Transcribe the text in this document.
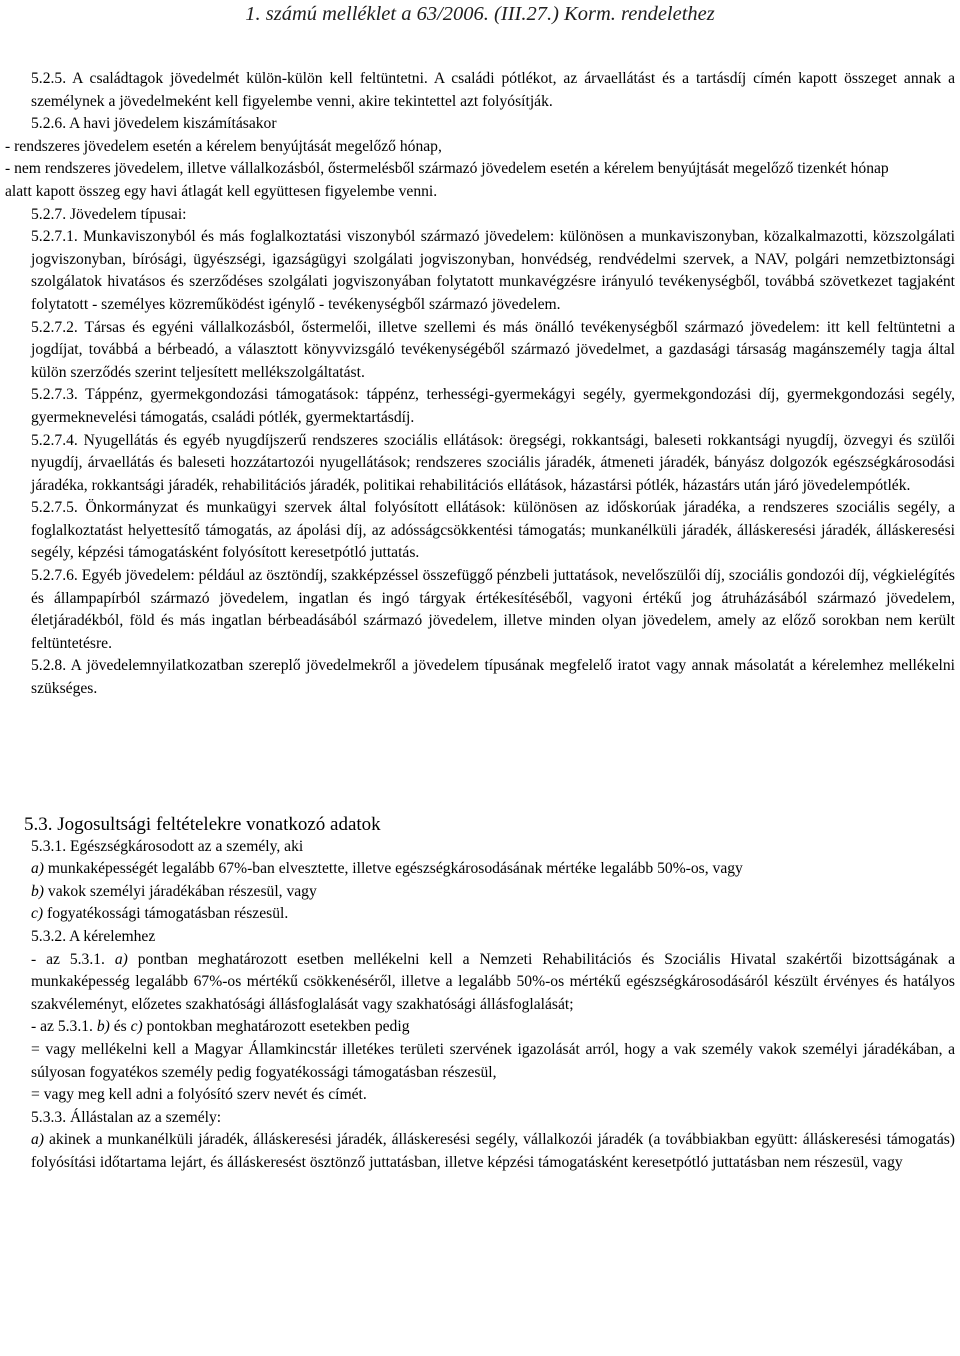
1. számú melléklet a 63/2006. (III.27.) Korm. rendelethez

5.2.5. A családtagok jövedelmét külön-külön kell feltüntetni. A családi pótlékot, az árvaellátást és a tartásdíj címén kapott összeget annak a személynek a jövedelmeként kell figyelembe venni, akire tekintettel azt folyósítják.

5.2.6. A havi jövedelem kiszámításakor

- rendszeres jövedelem esetén a kérelem benyújtását megelőző hónap,

- nem rendszeres jövedelem, illetve vállalkozásból, őstermelésből származó jövedelem esetén a kérelem benyújtását megelőző tizenkét hónap

alatt kapott összeg egy havi átlagát kell együttesen figyelembe venni.

5.2.7. Jövedelem típusai:

5.2.7.1. Munkaviszonyból és más foglalkoztatási viszonyból származó jövedelem: különösen a munkaviszonyban, közalkalmazotti, közszolgálati jogviszonyban, bírósági, ügyészségi, igazságügyi szolgálati jogviszonyban, honvédség, rendvédelmi szervek, a NAV, polgári nemzetbiztonsági szolgálatok hivatásos és szerződéses szolgálati jogviszonyában folytatott munkavégzésre irányuló tevékenységből, továbbá szövetkezet tagjaként folytatott - személyes közreműködést igénylő - tevékenységből származó jövedelem.

5.2.7.2. Társas és egyéni vállalkozásból, őstermelői, illetve szellemi és más önálló tevékenységből származó jövedelem: itt kell feltüntetni a jogdíjat, továbbá a bérbeadó, a választott könyvvizsgáló tevékenységéből származó jövedelmet, a gazdasági társaság magánszemély tagja által külön szerződés szerint teljesített mellékszolgáltatást.

5.2.7.3. Táppénz, gyermekgondozási támogatások: táppénz, terhességi-gyermekágyi segély, gyermekgondozási díj, gyermekgondozási segély, gyermeknevelési támogatás, családi pótlék, gyermektartásdíj.

5.2.7.4. Nyugellátás és egyéb nyugdíjszerű rendszeres szociális ellátások: öregségi, rokkantsági, baleseti rokkantsági nyugdíj, özvegyi és szülői nyugdíj, árvaellátás és baleseti hozzátartozói nyugellátások; rendszeres szociális járadék, átmeneti járadék, bányász dolgozók egészségkárosodási járadéka, rokkantsági járadék, rehabilitációs járadék, politikai rehabilitációs ellátások, házastársi pótlék, házastárs után járó jövedelempótlék.

5.2.7.5. Önkormányzat és munkaügyi szervek által folyósított ellátások: különösen az időskorúak járadéka, a rendszeres szociális segély, a foglalkoztatást helyettesítő támogatás, az ápolási díj, az adósságcsökkentési támogatás; munkanélküli járadék, álláskeresési járadék, álláskeresési segély, képzési támogatásként folyósított keresetpótló juttatás.

5.2.7.6. Egyéb jövedelem: például az ösztöndíj, szakképzéssel összefüggő pénzbeli juttatások, nevelőszülői díj, szociális gondozói díj, végkielégítés és állampapírból származó jövedelem, ingatlan és ingó tárgyak értékesítéséből, vagyoni értékű jog átruházásából származó jövedelem, életjáradékból, föld és más ingatlan bérbeadásából származó jövedelem, illetve minden olyan jövedelem, amely az előző sorokban nem került feltüntetésre.

5.2.8. A jövedelemnyilatkozatban szereplő jövedelmekről a jövedelem típusának megfelelő iratot vagy annak másolatát a kérelemhez mellékelni szükséges.

5.3. Jogosultsági feltételekre vonatkozó adatok

5.3.1. Egészségkárosodott az a személy, aki

a) munkaképességét legalább 67%-ban elvesztette, illetve egészségkárosodásának mértéke legalább 50%-os, vagy

b) vakok személyi járadékában részesül, vagy

c) fogyatékossági támogatásban részesül.

5.3.2. A kérelemhez

- az 5.3.1. a) pontban meghatározott esetben mellékelni kell a Nemzeti Rehabilitációs és Szociális Hivatal szakértői bizottságának a munkaképesség legalább 67%-os mértékű csökkenéséről, illetve a legalább 50%-os mértékű egészségkárosodásáról készült érvényes és hatályos szakvéleményt, előzetes szakhatósági állásfoglalását vagy szakhatósági állásfoglalását;

- az 5.3.1. b) és c) pontokban meghatározott esetekben pedig

= vagy mellékelni kell a Magyar Államkincstár illetékes területi szervének igazolását arról, hogy a vak személy vakok személyi járadékában, a súlyosan fogyatékos személy pedig fogyatékossági támogatásban részesül,

= vagy meg kell adni a folyósító szerv nevét és címét.

5.3.3. Állástalan az a személy:

a) akinek a munkanélküli járadék, álláskeresési járadék, álláskeresési segély, vállalkozói járadék (a továbbiakban együtt: álláskeresési támogatás) folyósítási időtartama lejárt, és álláskeresést ösztönző juttatásban, illetve képzési támogatásként keresetpótló juttatásban nem részesül, vagy
